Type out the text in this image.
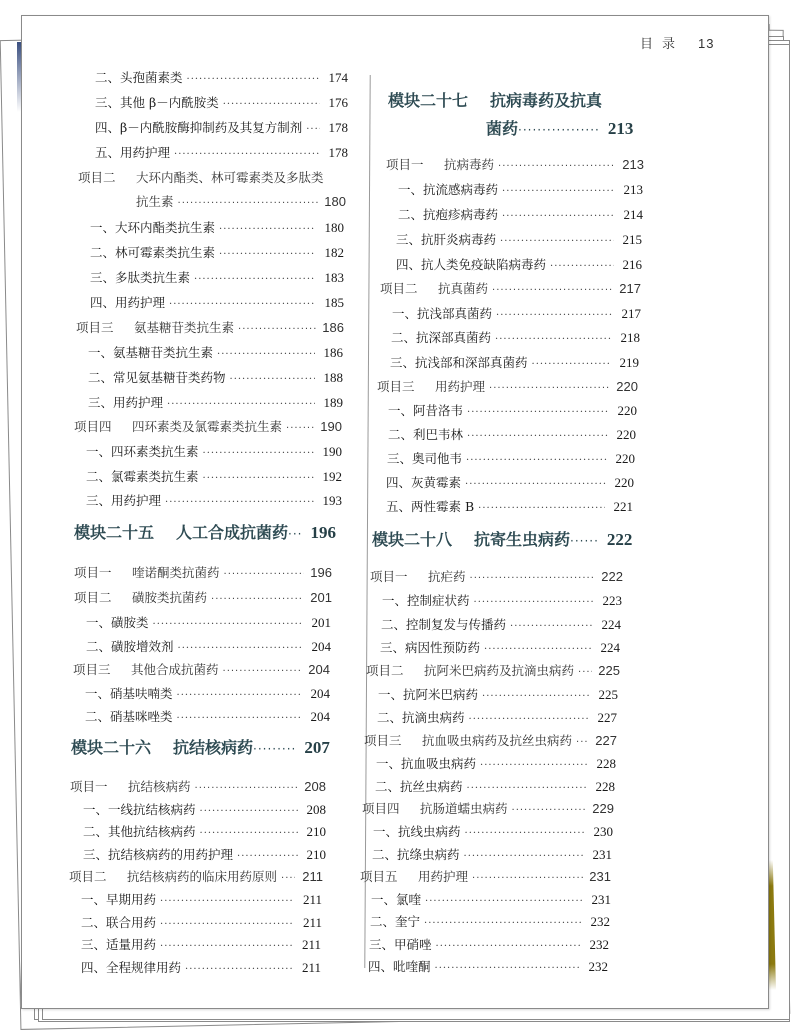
目 录 13
二、头孢菌素类 ·····	174
三、其他 β－内酰胺类 ·····	176
四、β－内酰胺酶抑制药及其复方制剂 ·····	178
五、用药护理 ·····	178
项目二	大环内酯类、林可霉素类及多肽类
抗生素 ·····	180
一、大环内酯类抗生素 ·····	180
二、林可霉素类抗生素 ·····	182
三、多肽类抗生素 ·····	183
四、用药护理 ·····	185
项目三	氨基糖苷类抗生素 ·····	186
一、氨基糖苷类抗生素 ·····	186
二、常见氨基糖苷类药物 ·····	188
三、用药护理 ·····	189
项目四	四环素类及氯霉素类抗生素 ·····	190
一、四环素类抗生素 ·····	190
二、氯霉素类抗生素 ·····	192
三、用药护理 ·····	193
项目一	喹诺酮类抗菌药 ·····	196
项目二	磺胺类抗菌药 ·····	201
一、磺胺类 ·····	201
二、磺胺增效剂 ·····	204
项目三	其他合成抗菌药 ·····	204
一、硝基呋喃类 ·····	204
二、硝基咪唑类 ·····	204
项目一	抗结核病药 ·····	208
一、一线抗结核病药 ·····	208
二、其他抗结核病药 ·····	210
三、抗结核病药的用药护理 ·····	210
项目二	抗结核病药的临床用药原则 ····· 211
一、早期用药 ·····	211
二、联合用药 ·····	211
三、适量用药 ·····	211
四、全程规律用药 ·····	211
项目一	抗病毒药 ·····	213
一、抗流感病毒药 ·····	213
二、抗疱疹病毒药 ·····	214
三、抗肝炎病毒药 ·····	215
四、抗人类免疫缺陷病毒药 ·····	216
项目二	抗真菌药 ·····	217
一、抗浅部真菌药 ·····	217
二、抗深部真菌药 ·····	218
三、抗浅部和深部真菌药 ·····	219
项目三	用药护理 ·····	220
一、阿昔洛韦 ·····	220
二、利巴韦林 ·····	220
三、奥司他韦 ·····	220
四、灰黄霉素 ·····	220
五、两性霉素 B ·····	221
项目一	抗疟药 ·····	222
一、控制症状药 ·····	223
二、控制复发与传播药 ·····	224
三、病因性预防药 ·····	224
项目二	抗阿米巴病药及抗滴虫病药 ····· 225
一、抗阿米巴病药 ·····	225
二、抗滴虫病药 ·····	227
项目三	抗血吸虫病药及抗丝虫病药 ····· 227
一、抗血吸虫病药 ·····	228
二、抗丝虫病药 ·····	228
项目四	抗肠道蠕虫病药 ·····	229
一、抗线虫病药 ·····	230
二、抗绦虫病药 ·····	231
项目五	用药护理 ·····	231
一、氯喹 ·····	231
二、奎宁 ·····	232
三、甲硝唑 ·····	232
四、吡喹酮 ·····	232
模块二十五 人工合成抗菌药 ··· 196
模块二十六 抗结核病药 ········· 207
模块二十七 抗病毒药及抗真
菌药 ················· 213
模块二十八 抗寄生虫病药 ······ 222
